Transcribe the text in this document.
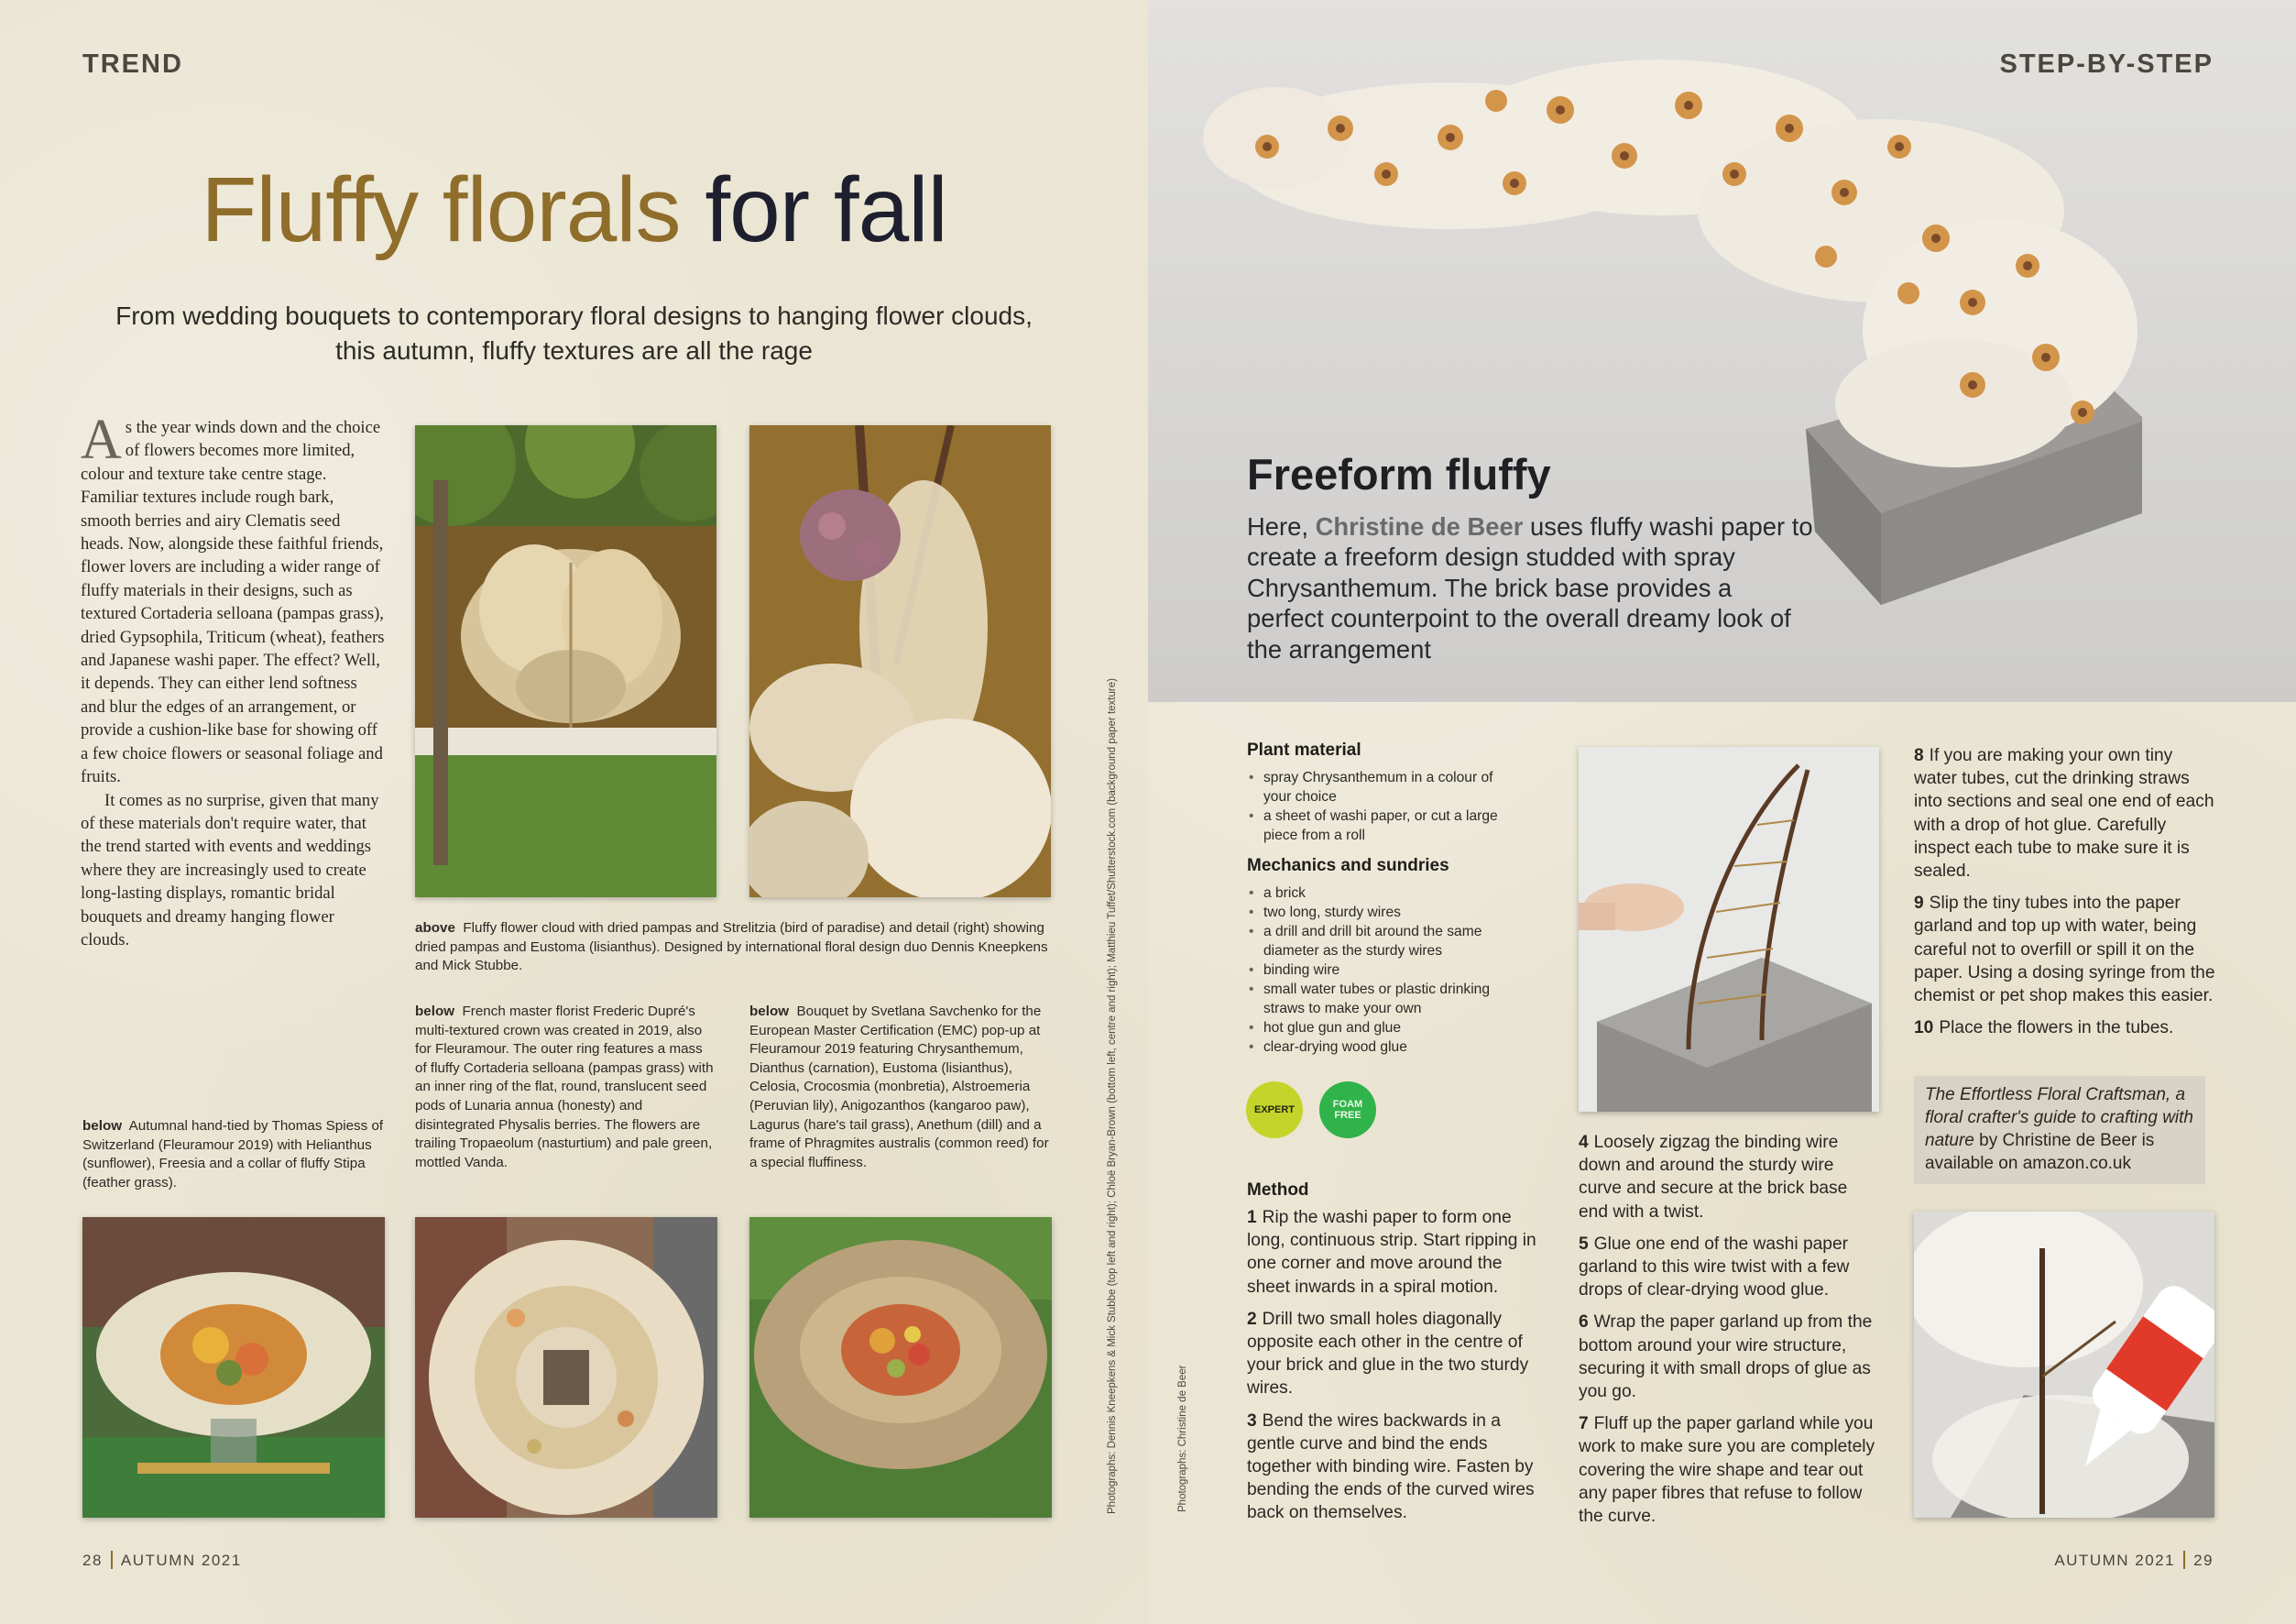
TREND
Fluffy florals for fall
From wedding bouquets to contemporary floral designs to hanging flower clouds, this autumn, fluffy textures are all the rage

As the year winds down and the choice of flowers becomes more limited, colour and texture take centre stage. Familiar textures include rough bark, smooth berries and airy Clematis seed heads. Now, alongside these faithful friends, flower lovers are including a wider range of fluffy materials in their designs, such as textured Cortaderia selloana (pampas grass), dried Gypsophila, Triticum (wheat), feathers and Japanese washi paper. The effect? Well, it depends. They can either lend softness and blur the edges of an arrangement, or provide a cushion-like base for showing off a few choice flowers or seasonal foliage and fruits.

It comes as no surprise, given that many of these materials don't require water, that the trend started with events and weddings where they are increasingly used to create long-lasting displays, romantic bridal bouquets and dreamy hanging flower clouds.

above Fluffy flower cloud with dried pampas and Strelitzia (bird of paradise) and detail (right) showing dried pampas and Eustoma (lisianthus). Designed by international floral design duo Dennis Kneepkens and Mick Stubbe.
below Autumnal hand-tied by Thomas Spiess of Switzerland (Fleuramour 2019) with Helianthus (sunflower), Freesia and a collar of fluffy Stipa (feather grass).
below French master florist Frederic Dupré's multi-textured crown was created in 2019, also for Fleuramour. The outer ring features a mass of fluffy Cortaderia selloana (pampas grass) with an inner ring of the flat, round, translucent seed pods of Lunaria annua (honesty) and disintegrated Physalis berries. The flowers are trailing Tropaeolum (nasturtium) and pale green, mottled Vanda.
below Bouquet by Svetlana Savchenko for the European Master Certification (EMC) pop-up at Fleuramour 2019 featuring Chrysanthemum, Dianthus (carnation), Eustoma (lisianthus), Celosia, Crocosmia (monbretia), Alstroemeria (Peruvian lily), Anigozanthos (kangaroo paw), Lagurus (hare's tail grass), Anethum (dill) and a frame of Phragmites australis (common reed) for a special fluffiness.	Photographs: Dennis Kneepkens & Mick Stubbe (top left and right); Chloë Bryan-Brown (bottom left, centre and right); Matthieu Tuffet/Shutterstock.com (background paper texture)
28 AUTUMN 2021
STEP-BY-STEP
Freeform fluffy
Here, Christine de Beer uses fluffy washi paper to create a freeform design studded with spray Chrysanthemum. The brick base provides a perfect counterpoint to the overall dreamy look of the arrangement
Plant material
• spray Chrysanthemum in a colour of your choice
• a sheet of washi paper, or cut a large piece from a roll
Mechanics and sundries
• a brick
• two long, sturdy wires
• a drill and drill bit around the same diameter as the sturdy wires
• binding wire
• small water tubes or plastic drinking straws to make your own
• hot glue gun and glue
• clear-drying wood glue
EXPERT	FOAM FREE
Method

1 Rip the washi paper to form one long, continuous strip. Start ripping in one corner and move around the sheet inwards in a spiral motion.

2 Drill two small holes diagonally opposite each other in the centre of your brick and glue in the two sturdy wires.

3 Bend the wires backwards in a gentle curve and bind the ends together with binding wire. Fasten by bending the ends of the curved wires back on themselves.

Photographs: Christine de Beer

4 Loosely zigzag the binding wire down and around the sturdy wire curve and secure at the brick base end with a twist.

5 Glue one end of the washi paper garland to this wire twist with a few drops of clear-drying wood glue.

6 Wrap the paper garland up from the bottom around your wire structure, securing it with small drops of glue as you go.

7 Fluff up the paper garland while you work to make sure you are completely covering the wire shape and tear out any paper fibres that refuse to follow the curve.

8 If you are making your own tiny water tubes, cut the drinking straws into sections and seal one end of each with a drop of hot glue. Carefully inspect each tube to make sure it is sealed.

9 Slip the tiny tubes into the paper garland and top up with water, being careful not to overfill or spill it on the paper. Using a dosing syringe from the chemist or pet shop makes this easier.

10 Place the flowers in the tubes.

The Effortless Floral Craftsman, a floral crafter's guide to crafting with nature by Christine de Beer is available on amazon.co.uk
AUTUMN 2021 29
